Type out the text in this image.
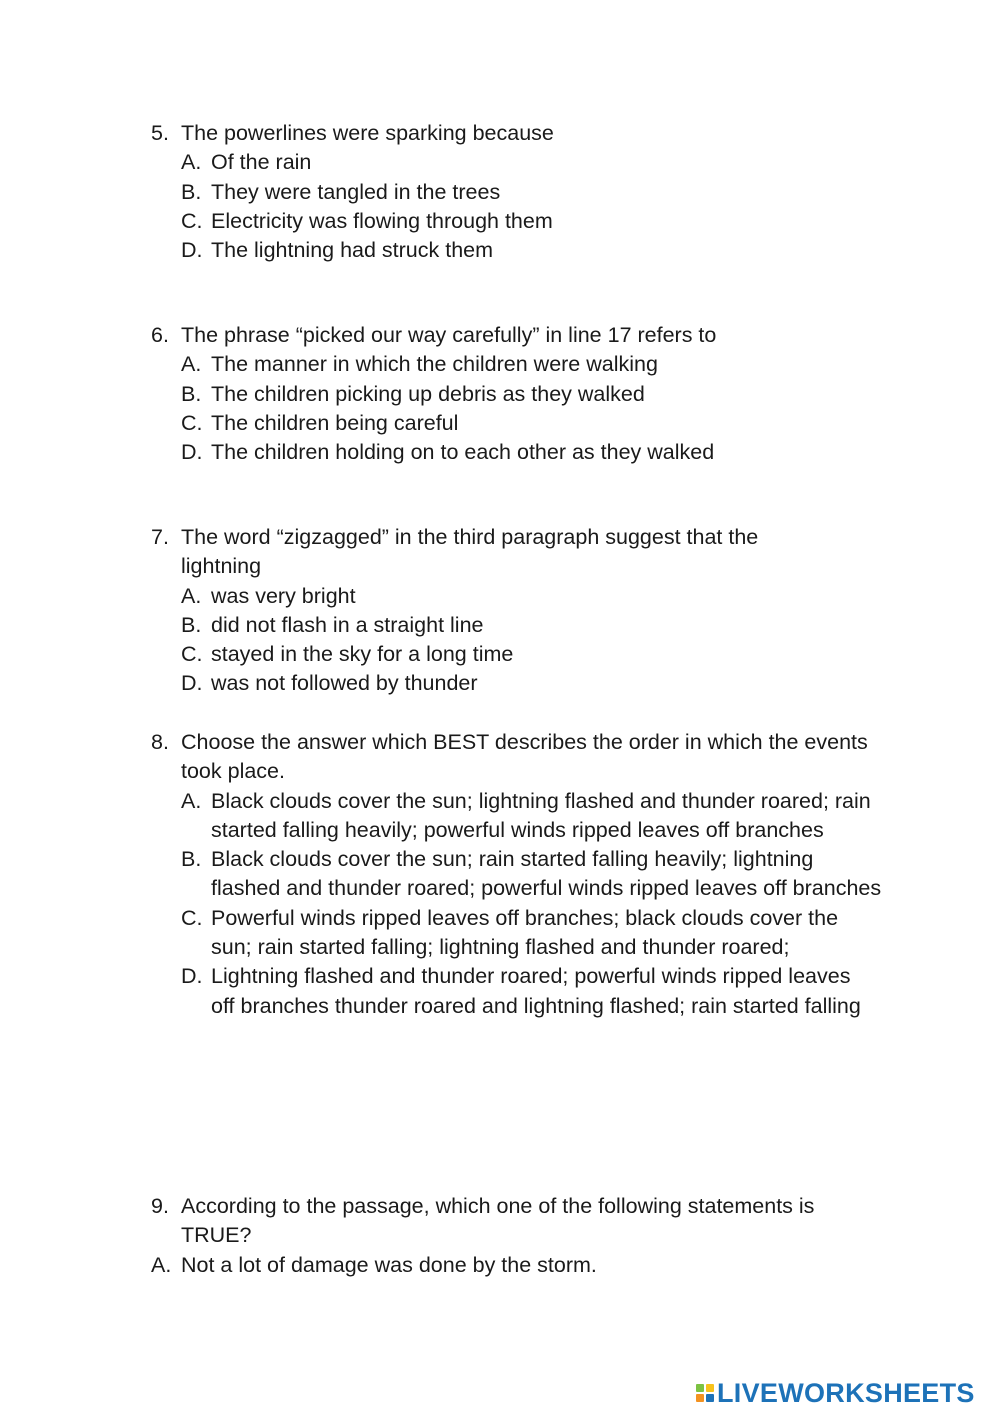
5. The powerlines were sparking because
A. Of the rain
B. They were tangled in the trees
C. Electricity was flowing through them
D. The lightning had struck them
6. The phrase “picked our way carefully” in line 17 refers to
A. The manner in which the children were walking
B. The children picking up debris as they walked
C. The children being careful
D. The children holding on to each other as they walked
7. The word “zigzagged” in the third paragraph suggest that the lightning
A. was very bright
B. did not flash in a straight line
C. stayed in the sky for a long time
D. was not followed by thunder
8. Choose the answer which BEST describes the order in which the events took place.
A. Black clouds cover the sun; lightning flashed and thunder roared; rain started falling heavily; powerful winds ripped leaves off branches
B. Black clouds cover the sun; rain started falling heavily; lightning flashed and thunder roared; powerful winds ripped leaves off branches
C. Powerful winds ripped leaves off branches; black clouds cover the sun; rain started falling; lightning flashed and thunder roared;
D. Lightning flashed and thunder roared; powerful winds ripped leaves off branches thunder roared and lightning flashed; rain started falling
9. According to the passage, which one of the following statements is TRUE?
A. Not a lot of damage was done by the storm.
LIVEWORKSHEETS
